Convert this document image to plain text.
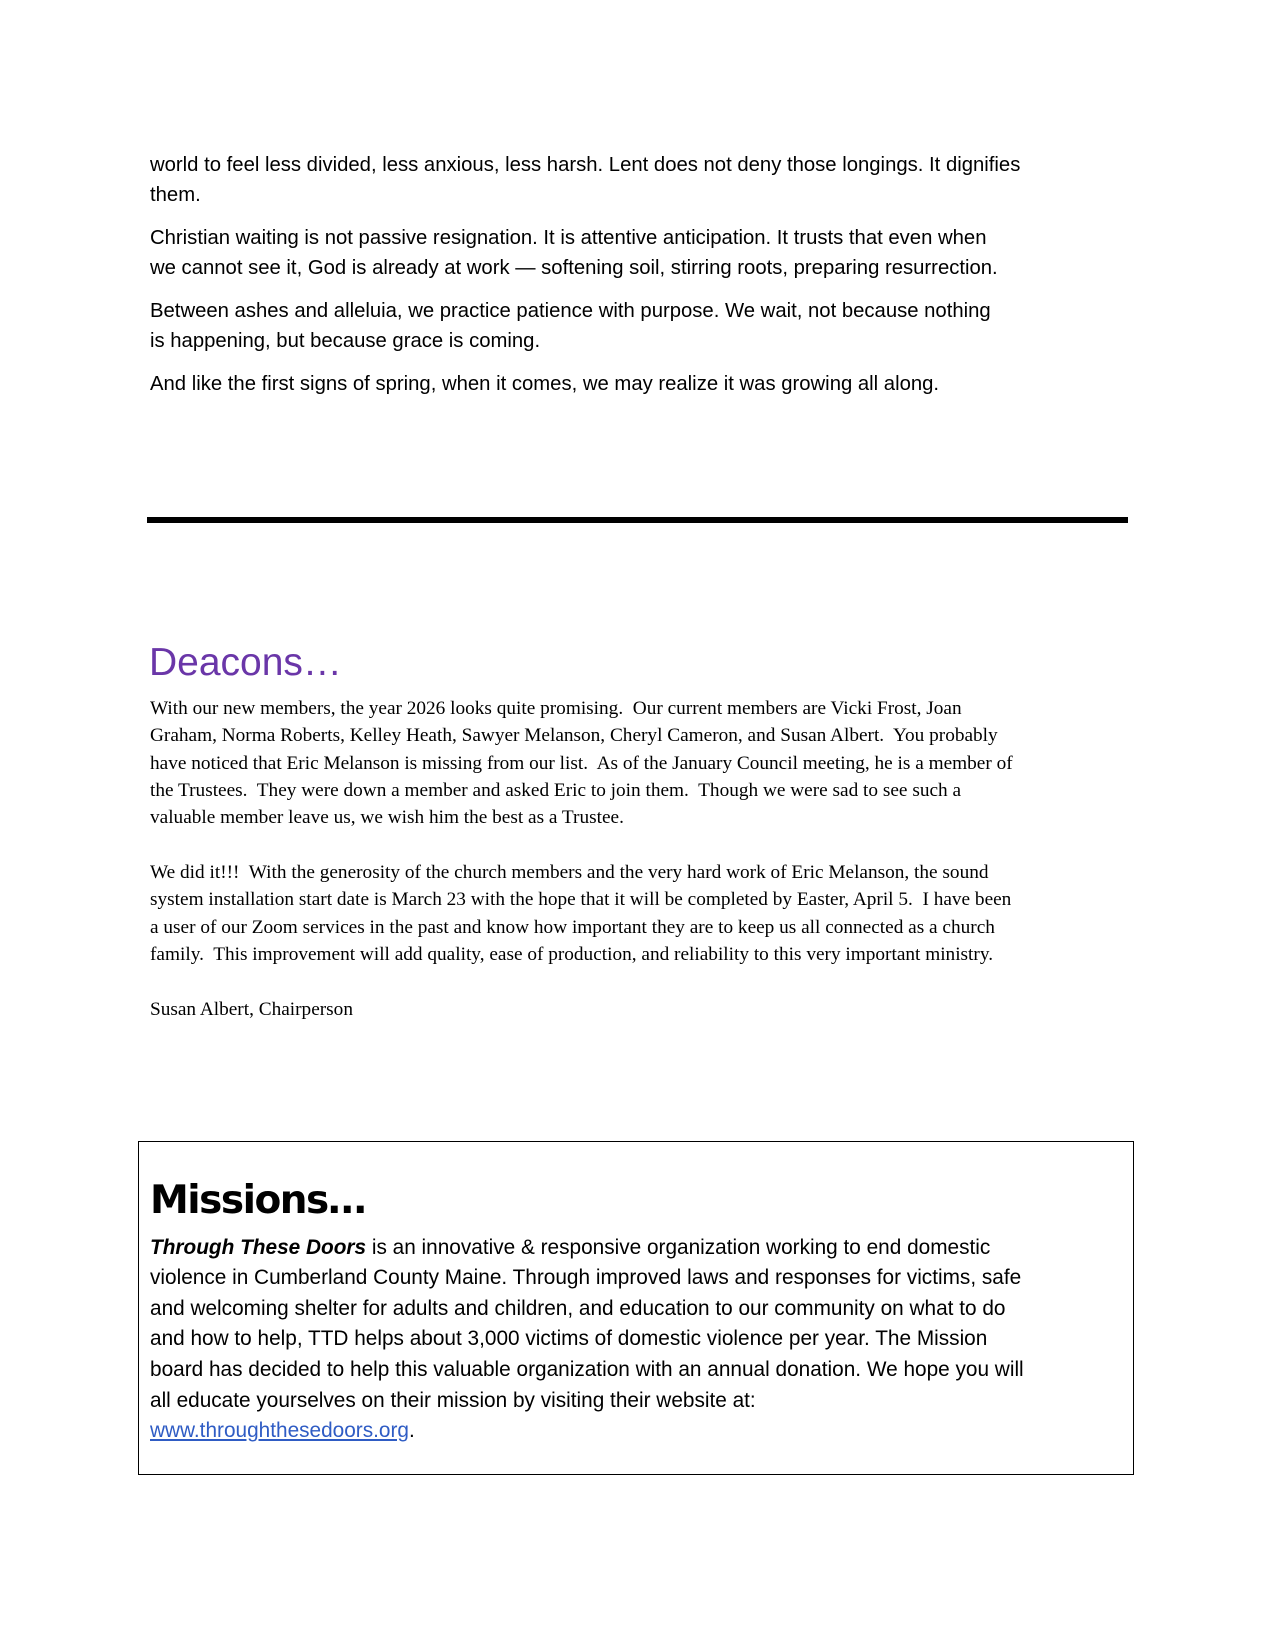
world to feel less divided, less anxious, less harsh. Lent does not deny those longings. It dignifies
them.
Christian waiting is not passive resignation. It is attentive anticipation. It trusts that even when
we cannot see it, God is already at work — softening soil, stirring roots, preparing resurrection.
Between ashes and alleluia, we practice patience with purpose. We wait, not because nothing
is happening, but because grace is coming.
And like the first signs of spring, when it comes, we may realize it was growing all along.
Deacons…
With our new members, the year 2026 looks quite promising.  Our current members are Vicki Frost, Joan
Graham, Norma Roberts, Kelley Heath, Sawyer Melanson, Cheryl Cameron, and Susan Albert.  You probably
have noticed that Eric Melanson is missing from our list.  As of the January Council meeting, he is a member of
the Trustees.  They were down a member and asked Eric to join them.  Though we were sad to see such a
valuable member leave us, we wish him the best as a Trustee.
We did it!!!  With the generosity of the church members and the very hard work of Eric Melanson, the sound
system installation start date is March 23 with the hope that it will be completed by Easter, April 5.  I have been
a user of our Zoom services in the past and know how important they are to keep us all connected as a church
family.  This improvement will add quality, ease of production, and reliability to this very important ministry.
Susan Albert, Chairperson
Missions…
Through These Doors is an innovative & responsive organization working to end domestic
violence in Cumberland County Maine. Through improved laws and responses for victims, safe
and welcoming shelter for adults and children, and education to our community on what to do
and how to help, TTD helps about 3,000 victims of domestic violence per year. The Mission
board has decided to help this valuable organization with an annual donation. We hope you will
all educate yourselves on their mission by visiting their website at:
www.throughthesedoors.org.
